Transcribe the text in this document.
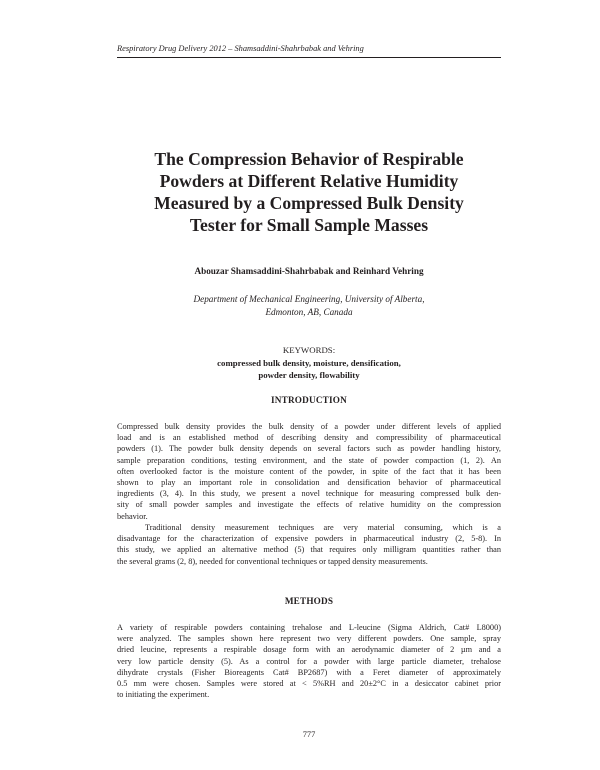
Respiratory Drug Delivery 2012 – Shamsaddini-Shahrbabak and Vehring
The Compression Behavior of Respirable
Powders at Different Relative Humidity
Measured by a Compressed Bulk Density
Tester for Small Sample Masses
Abouzar Shamsaddini-Shahrbabak and Reinhard Vehring
Department of Mechanical Engineering, University of Alberta,
Edmonton, AB, Canada
KEYWORDS:
compressed bulk density, moisture, densification,
powder density, flowability
INTRODUCTION
Compressed bulk density provides the bulk density of a powder under different levels of applied
load and is an established method of describing density and compressibility of pharmaceutical
powders (1). The powder bulk density depends on several factors such as powder handling history,
sample preparation conditions, testing environment, and the state of powder compaction (1, 2). An
often overlooked factor is the moisture content of the powder, in spite of the fact that it has been
shown to play an important role in consolidation and densification behavior of pharmaceutical
ingredients (3, 4). In this study, we present a novel technique for measuring compressed bulk den-
sity of small powder samples and investigate the effects of relative humidity on the compression
behavior.
Traditional density measurement techniques are very material consuming, which is a
disadvantage for the characterization of expensive powders in pharmaceutical industry (2, 5-8). In
this study, we applied an alternative method (5) that requires only milligram quantities rather than
the several grams (2, 8), needed for conventional techniques or tapped density measurements.
METHODS
A variety of respirable powders containing trehalose and L-leucine (Sigma Aldrich, Cat# L8000)
were analyzed. The samples shown here represent two very different powders. One sample, spray
dried leucine, represents a respirable dosage form with an aerodynamic diameter of 2 µm and a
very low particle density (5). As a control for a powder with large particle diameter, trehalose
dihydrate crystals (Fisher Bioreagents Cat# BP2687) with a Feret diameter of approximately
0.5 mm were chosen. Samples were stored at < 5%RH and 20±2°C in a desiccator cabinet prior
to initiating the experiment.
777
